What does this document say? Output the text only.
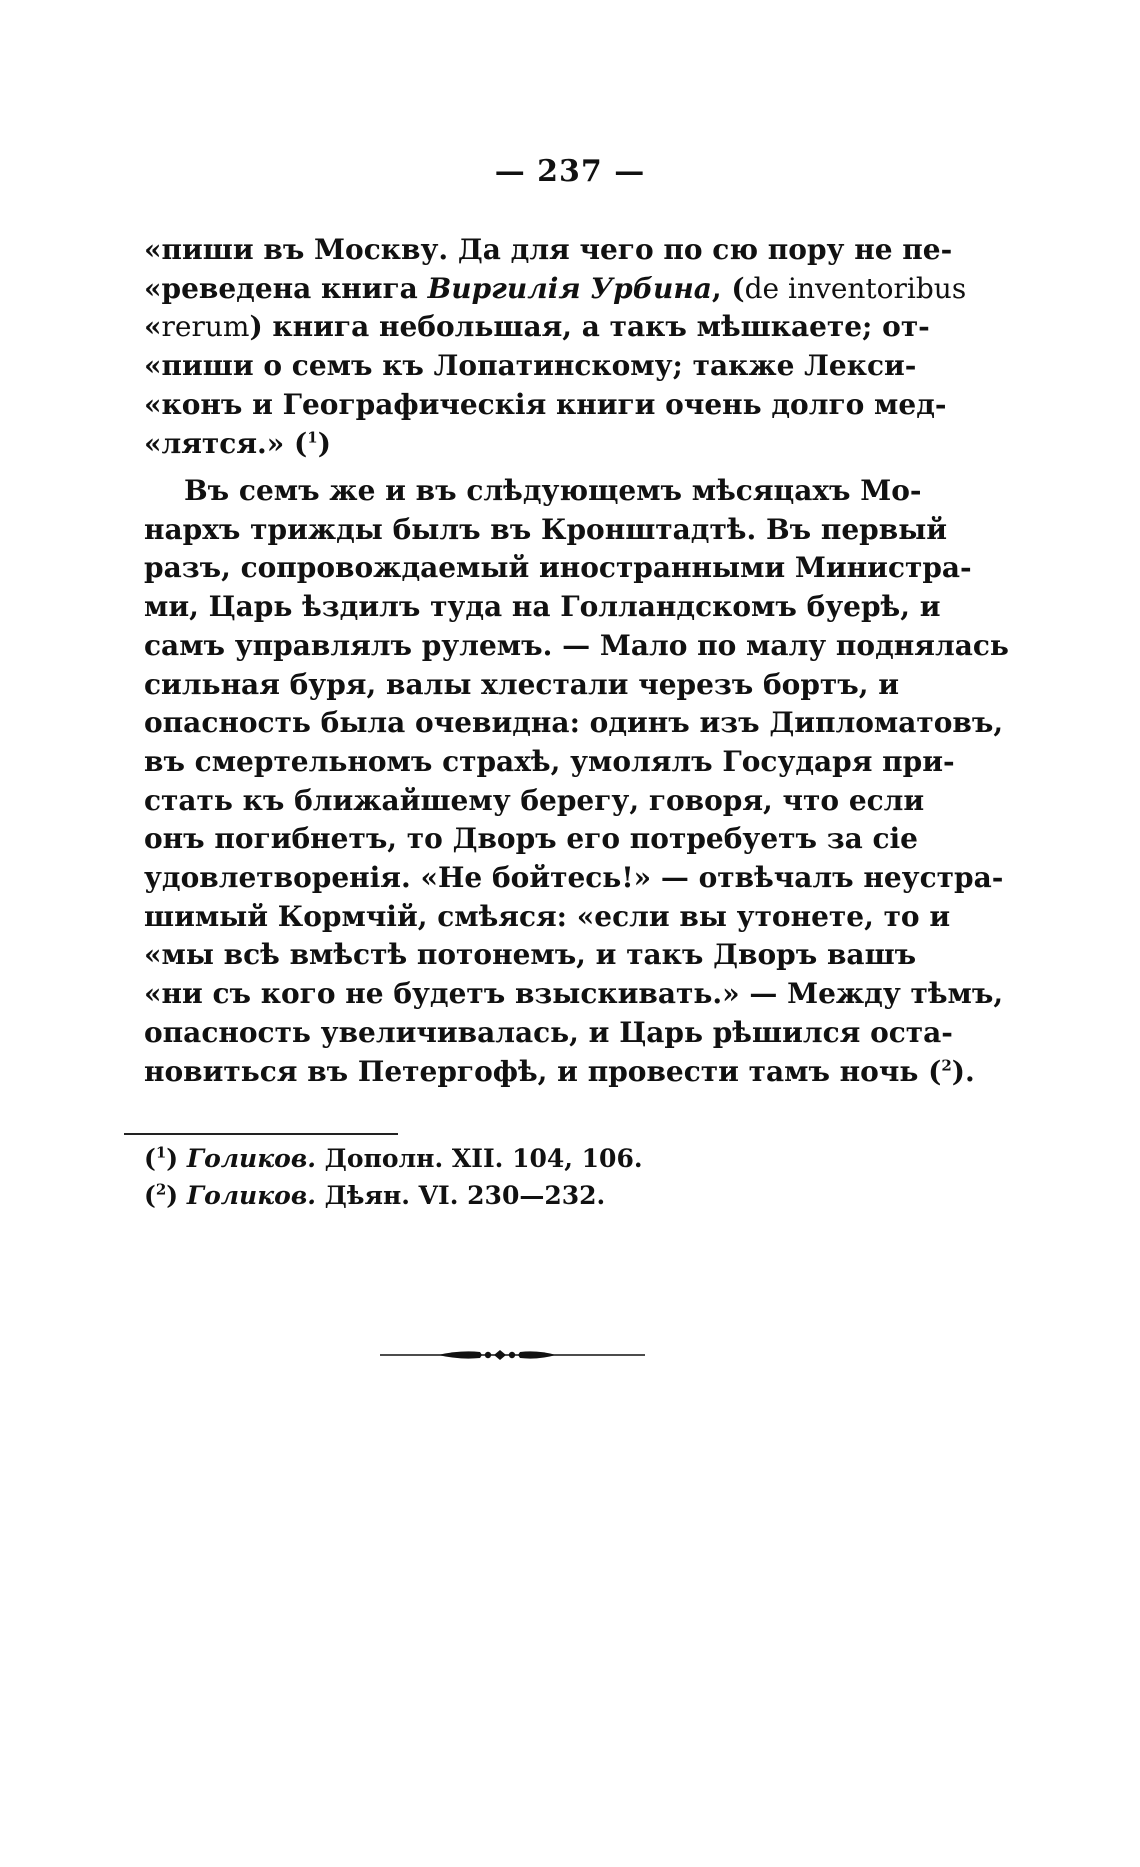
— 237 —
«пиши въ Москву. Да для чего по сю пору не пе-
«реведена книга Виргилія Урбина, (de inventoribus
«rerum) книга небольшая, а такъ мѣшкаете; от-
«пиши о семъ къ Лопатинскому; также Лекси-
«конъ и Географическія книги очень долго мед-
«лятся.» ($^1$)
Въ семъ же и въ слѣдующемъ мѣсяцахъ Мо-
нархъ трижды былъ въ Кронштадтѣ. Въ первый
разъ, сопровождаемый иностранными Министра-
ми, Царь ѣздилъ туда на Голландскомъ буерѣ, и
самъ управлялъ рулемъ. — Мало по малу поднялась
сильная буря, валы хлестали черезъ бортъ, и
опасность была очевидна: одинъ изъ Дипломатовъ,
въ смертельномъ страхѣ, умолялъ Государя при-
стать къ ближайшему берегу, говоря, что если
онъ погибнетъ, то Дворъ его потребуетъ за сіе
удовлетворенія. «Не бойтесь!» — отвѣчалъ неустра-
шимый Кормчій, смѣяся: «если вы утонете, то и
«мы всѣ вмѣстѣ потонемъ, и такъ Дворъ вашъ
«ни съ кого не будетъ взыскивать.» — Между тѣмъ,
опасность увеличивалась, и Царь рѣшился оста-
новиться въ Петергофѣ, и провести тамъ ночь ($^2$).
($^1$) Голиков. Дополн. XII. 104, 106.
($^2$) Голиков. Дѣян. VI. 230—232.
